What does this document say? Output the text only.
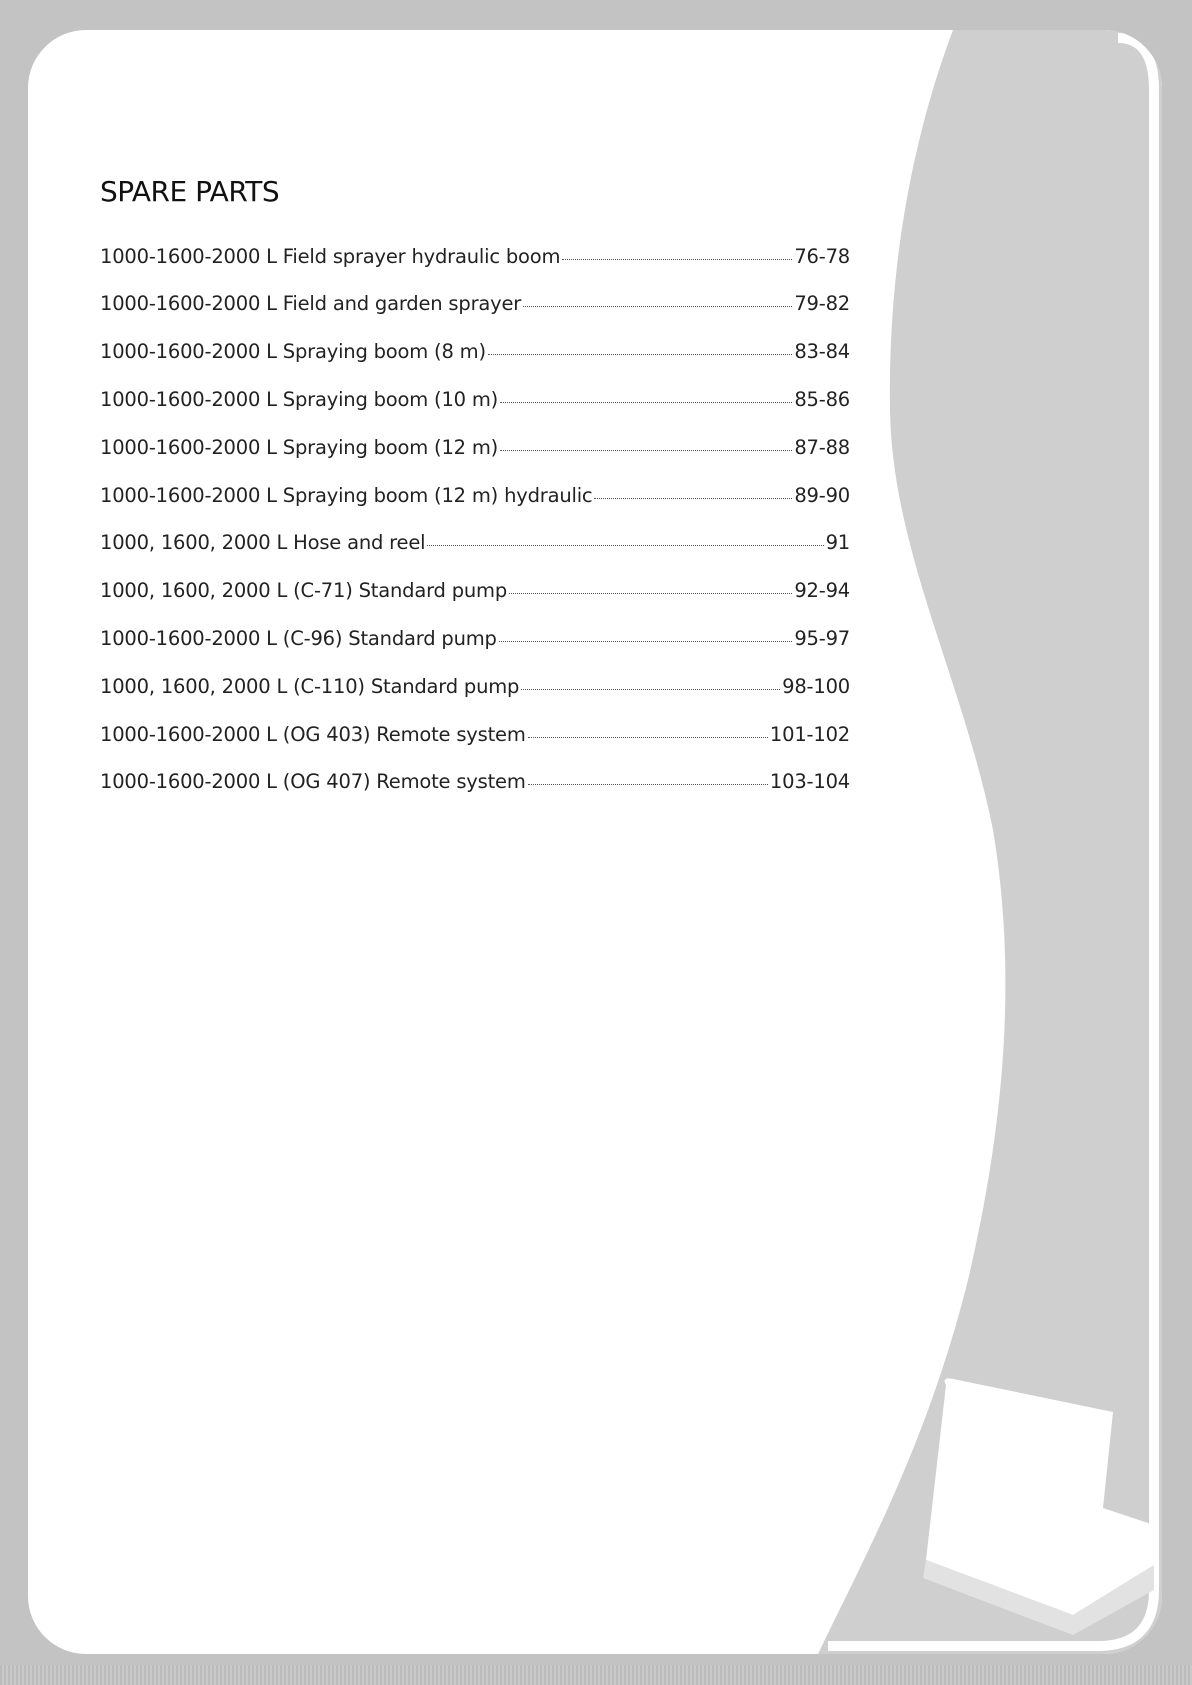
SPARE PARTS
1000-1600-2000 L Field sprayer hydraulic boom	76-78
1000-1600-2000 L Field and garden sprayer	79-82
1000-1600-2000 L Spraying boom (8 m)	83-84
1000-1600-2000 L Spraying boom (10 m)	85-86
1000-1600-2000 L Spraying boom (12 m)	87-88
1000-1600-2000 L Spraying boom (12 m) hydraulic	89-90
1000, 1600, 2000 L Hose and reel	91
1000, 1600, 2000 L (C-71) Standard pump	92-94
1000-1600-2000 L (C-96) Standard pump	95-97
1000, 1600, 2000 L (C-110) Standard pump	98-100
1000-1600-2000 L (OG 403) Remote system	101-102
1000-1600-2000 L (OG 407) Remote system	103-104
